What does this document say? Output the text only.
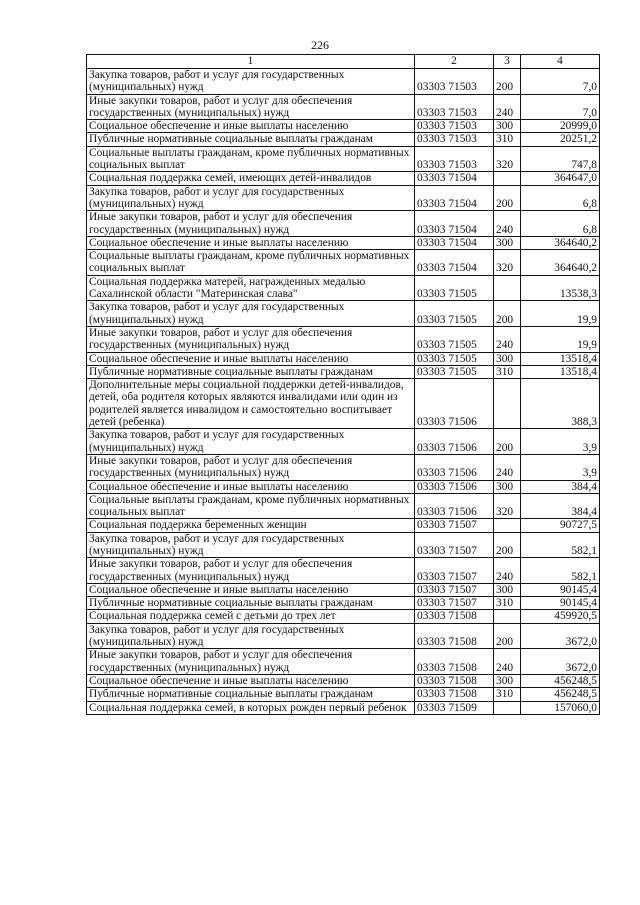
226
1	2	3	4
Закупка товаров, работ и услуг для государственных (муниципальных) нужд	03303 71503	200	7,0
Иные закупки товаров, работ и услуг для обеспечения государственных (муниципальных) нужд	03303 71503	240	7,0
Социальное обеспечение и иные выплаты населению	03303 71503	300	20999,0
Публичные нормативные социальные выплаты гражданам	03303 71503	310	20251,2
Социальные выплаты гражданам, кроме публичных нормативных социальных выплат	03303 71503	320	747,8
Социальная поддержка семей, имеющих детей-инвалидов	03303 71504		364647,0
Закупка товаров, работ и услуг для государственных (муниципальных) нужд	03303 71504	200	6,8
Иные закупки товаров, работ и услуг для обеспечения государственных (муниципальных) нужд	03303 71504	240	6,8
Социальное обеспечение и иные выплаты населению	03303 71504	300	364640,2
Социальные выплаты гражданам, кроме публичных нормативных социальных выплат	03303 71504	320	364640,2
Социальная поддержка матерей, награжденных медалью Сахалинской области "Материнская слава"	03303 71505		13538,3
Закупка товаров, работ и услуг для государственных (муниципальных) нужд	03303 71505	200	19,9
Иные закупки товаров, работ и услуг для обеспечения государственных (муниципальных) нужд	03303 71505	240	19,9
Социальное обеспечение и иные выплаты населению	03303 71505	300	13518,4
Публичные нормативные социальные выплаты гражданам	03303 71505	310	13518,4
Дополнительные меры социальной поддержки детей-инвалидов, детей, оба родителя которых являются инвалидами или один из родителей является инвалидом и самостоятельно воспитывает детей (ребенка)	03303 71506		388,3
Закупка товаров, работ и услуг для государственных (муниципальных) нужд	03303 71506	200	3,9
Иные закупки товаров, работ и услуг для обеспечения государственных (муниципальных) нужд	03303 71506	240	3,9
Социальное обеспечение и иные выплаты населению	03303 71506	300	384,4
Социальные выплаты гражданам, кроме публичных нормативных социальных выплат	03303 71506	320	384,4
Социальная поддержка беременных женщин	03303 71507		90727,5
Закупка товаров, работ и услуг для государственных (муниципальных) нужд	03303 71507	200	582,1
Иные закупки товаров, работ и услуг для обеспечения государственных (муниципальных) нужд	03303 71507	240	582,1
Социальное обеспечение и иные выплаты населению	03303 71507	300	90145,4
Публичные нормативные социальные выплаты гражданам	03303 71507	310	90145,4
Социальная поддержка семей с детьми до трех лет	03303 71508		459920,5
Закупка товаров, работ и услуг для государственных (муниципальных) нужд	03303 71508	200	3672,0
Иные закупки товаров, работ и услуг для обеспечения государственных (муниципальных) нужд	03303 71508	240	3672,0
Социальное обеспечение и иные выплаты населению	03303 71508	300	456248,5
Публичные нормативные социальные выплаты гражданам	03303 71508	310	456248,5
Социальная поддержка семей, в которых рожден первый ребенок	03303 71509		157060,0
